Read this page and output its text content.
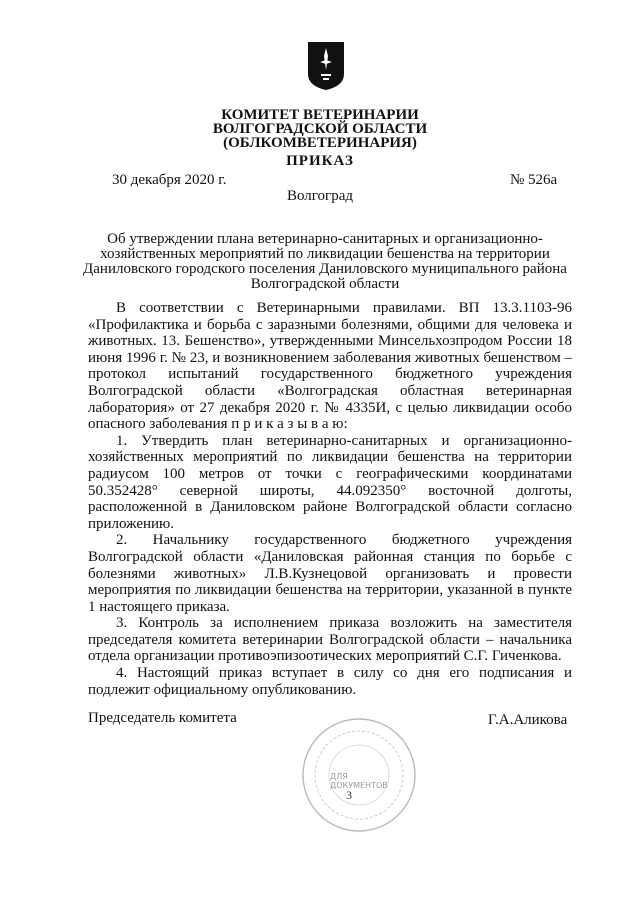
КОМИТЕТ ВЕТЕРИНАРИИ
ВОЛГОГРАДСКОЙ ОБЛАСТИ
(ОБЛКОМВЕТЕРИНАРИЯ)
ПРИКАЗ
30 декабря 2020 г.	№ 526а
Волгоград
Об утверждении плана ветеринарно-санитарных и организационно-хозяйственных мероприятий по ликвидации бешенства на территории Даниловского городского поселения Даниловского муниципального района Волгоградской области

В соответствии с Ветеринарными правилами. ВП 13.3.1103-96 «Профилактика и борьба с заразными болезнями, общими для человека и животных. 13. Бешенство», утвержденными Минсельхозпродом России 18 июня 1996 г. № 23, и возникновением заболевания животных бешенством – протокол испытаний государственного бюджетного учреждения Волгоградской области «Волгоградская областная ветеринарная лаборатория» от 27 декабря 2020 г. № 4335И, с целью ликвидации особо опасного заболевания п р и к а з ы в а ю:

1. Утвердить план ветеринарно-санитарных и организационно-хозяйственных мероприятий по ликвидации бешенства на территории радиусом 100 метров от точки с географическими координатами 50.352428° северной широты, 44.092350° восточной долготы, расположенной в Даниловском районе Волгоградской области согласно приложению.

2. Начальнику государственного бюджетного учреждения Волгоградской области «Даниловская районная станция по борьбе с болезнями животных» Л.В.Кузнецовой организовать и провести мероприятия по ликвидации бешенства на территории, указанной в пункте 1 настоящего приказа.

3. Контроль за исполнением приказа возложить на заместителя председателя комитета ветеринарии Волгоградской области – начальника отдела организации противоэпизоотических мероприятий С.Г. Гиченкова.

4. Настоящий приказ вступает в силу со дня его подписания и подлежит официальному опубликованию.

Председатель комитета	Г.А.Аликова
ДЛЯ ДОКУМЕНТОВ
3
